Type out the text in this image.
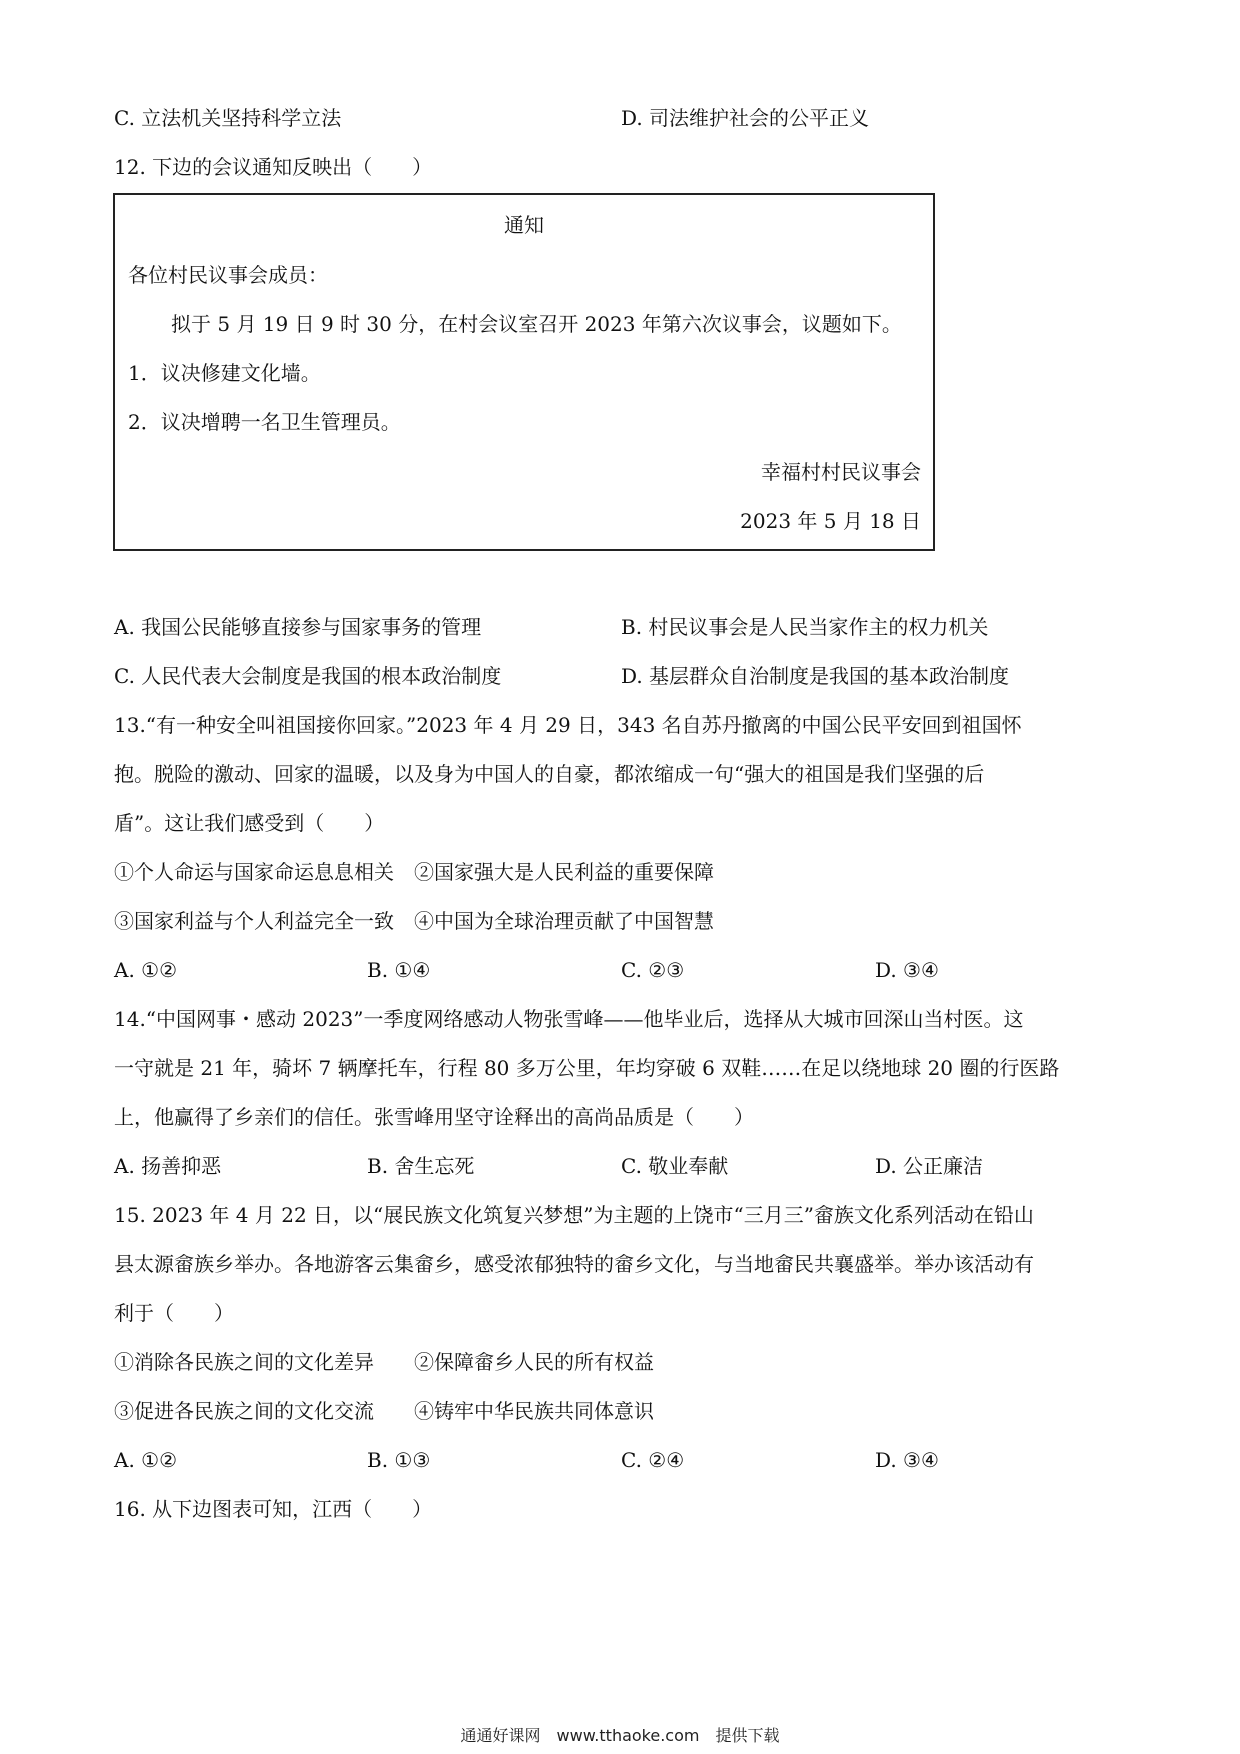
C. 立法机关坚持科学立法	D. 司法维护社会的公平正义
12. 下边的会议通知反映出（　　）
通知
各位村民议事会成员：
拟于 5 月 19 日 9 时 30 分，在村会议室召开 2023 年第六次议事会，议题如下。
1．议决修建文化墙。
2．议决增聘一名卫生管理员。
幸福村村民议事会
2023 年 5 月 18 日
A. 我国公民能够直接参与国家事务的管理	B. 村民议事会是人民当家作主的权力机关
C. 人民代表大会制度是我国的根本政治制度	D. 基层群众自治制度是我国的基本政治制度
13.“有一种安全叫祖国接你回家。”2023 年 4 月 29 日，343 名自苏丹撤离的中国公民平安回到祖国怀
抱。脱险的激动、回家的温暖，以及身为中国人的自豪，都浓缩成一句“强大的祖国是我们坚强的后
盾”。这让我们感受到（　　）
①个人命运与国家命运息息相关　②国家强大是人民利益的重要保障
③国家利益与个人利益完全一致　④中国为全球治理贡献了中国智慧
A. ①②	B. ①④	C. ②③	D. ③④
14.“中国网事・感动 2023”一季度网络感动人物张雪峰——他毕业后，选择从大城市回深山当村医。这
一守就是 21 年，骑坏 7 辆摩托车，行程 80 多万公里，年均穿破 6 双鞋……在足以绕地球 20 圈的行医路
上，他赢得了乡亲们的信任。张雪峰用坚守诠释出的高尚品质是（　　）
A. 扬善抑恶	B. 舍生忘死	C. 敬业奉献	D. 公正廉洁
15. 2023 年 4 月 22 日，以“展民族文化筑复兴梦想”为主题的上饶市“三月三”畲族文化系列活动在铅山
县太源畲族乡举办。各地游客云集畲乡，感受浓郁独特的畲乡文化，与当地畲民共襄盛举。举办该活动有
利于（　　）
①消除各民族之间的文化差异　　②保障畲乡人民的所有权益
③促进各民族之间的文化交流　　④铸牢中华民族共同体意识
A. ①②	B. ①③	C. ②④	D. ③④
16. 从下边图表可知，江西（　　）
通通好课网　www.tthaoke.com　提供下载
